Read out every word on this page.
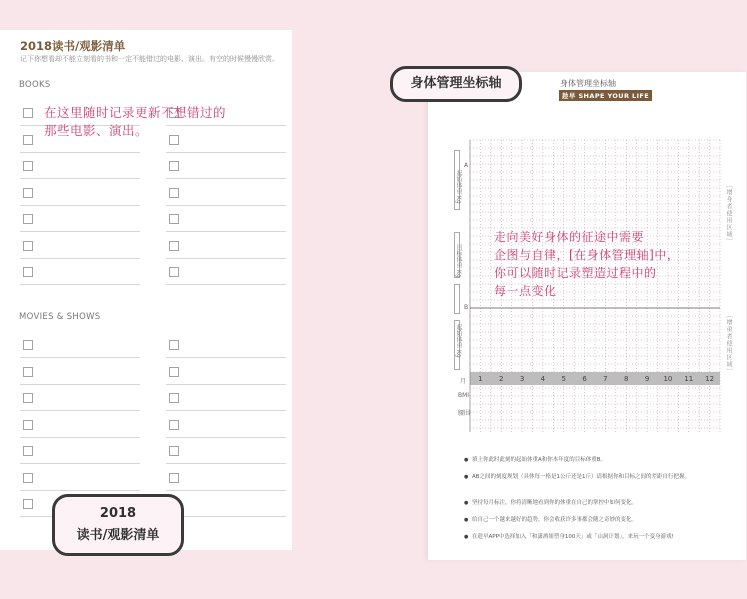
2018读书/观影清单
记下你想看却不能立刻看的书和一定不能错过的电影、演出。有空的时候慢慢欣赏。
BOOKS
MOVIES & SHOWS
在这里随时记录更新不想错过的
那些电影、演出。
身体管理坐标轴
趁早 SHAPE YOUR LIFE
起始体重 Kg
目标体重 Kg
起始体重 Kg
A
B
月	1	2	3	4	5	6	7	8	9	10	11	12
BMI
腰围
［增身者使用区域］
［增重者使用区域］
● 填上你此时此刻的起始体重A和你本年度的目标体重B。
● AB之间的刻度规划（具体每一格是1公斤还是1斤）请根据你和目标之间的差距自行把握。
● 坚持每月标注，你将清晰地看到你的体重在自己的掌控中如何变化。
● 给自己一个越来越好的趋势，你会收获许多事都会随之奇妙的变化。
● 在趁早APP中选择加入「和潇洒姐塑身100天」或「山洞计划」，来玩一个变身游戏!
走向美好身体的征途中需要
企图与自律，[在身体管理轴]中，
你可以随时记录塑造过程中的
每一点变化
身体管理坐标轴
2018
读书/观影清单
